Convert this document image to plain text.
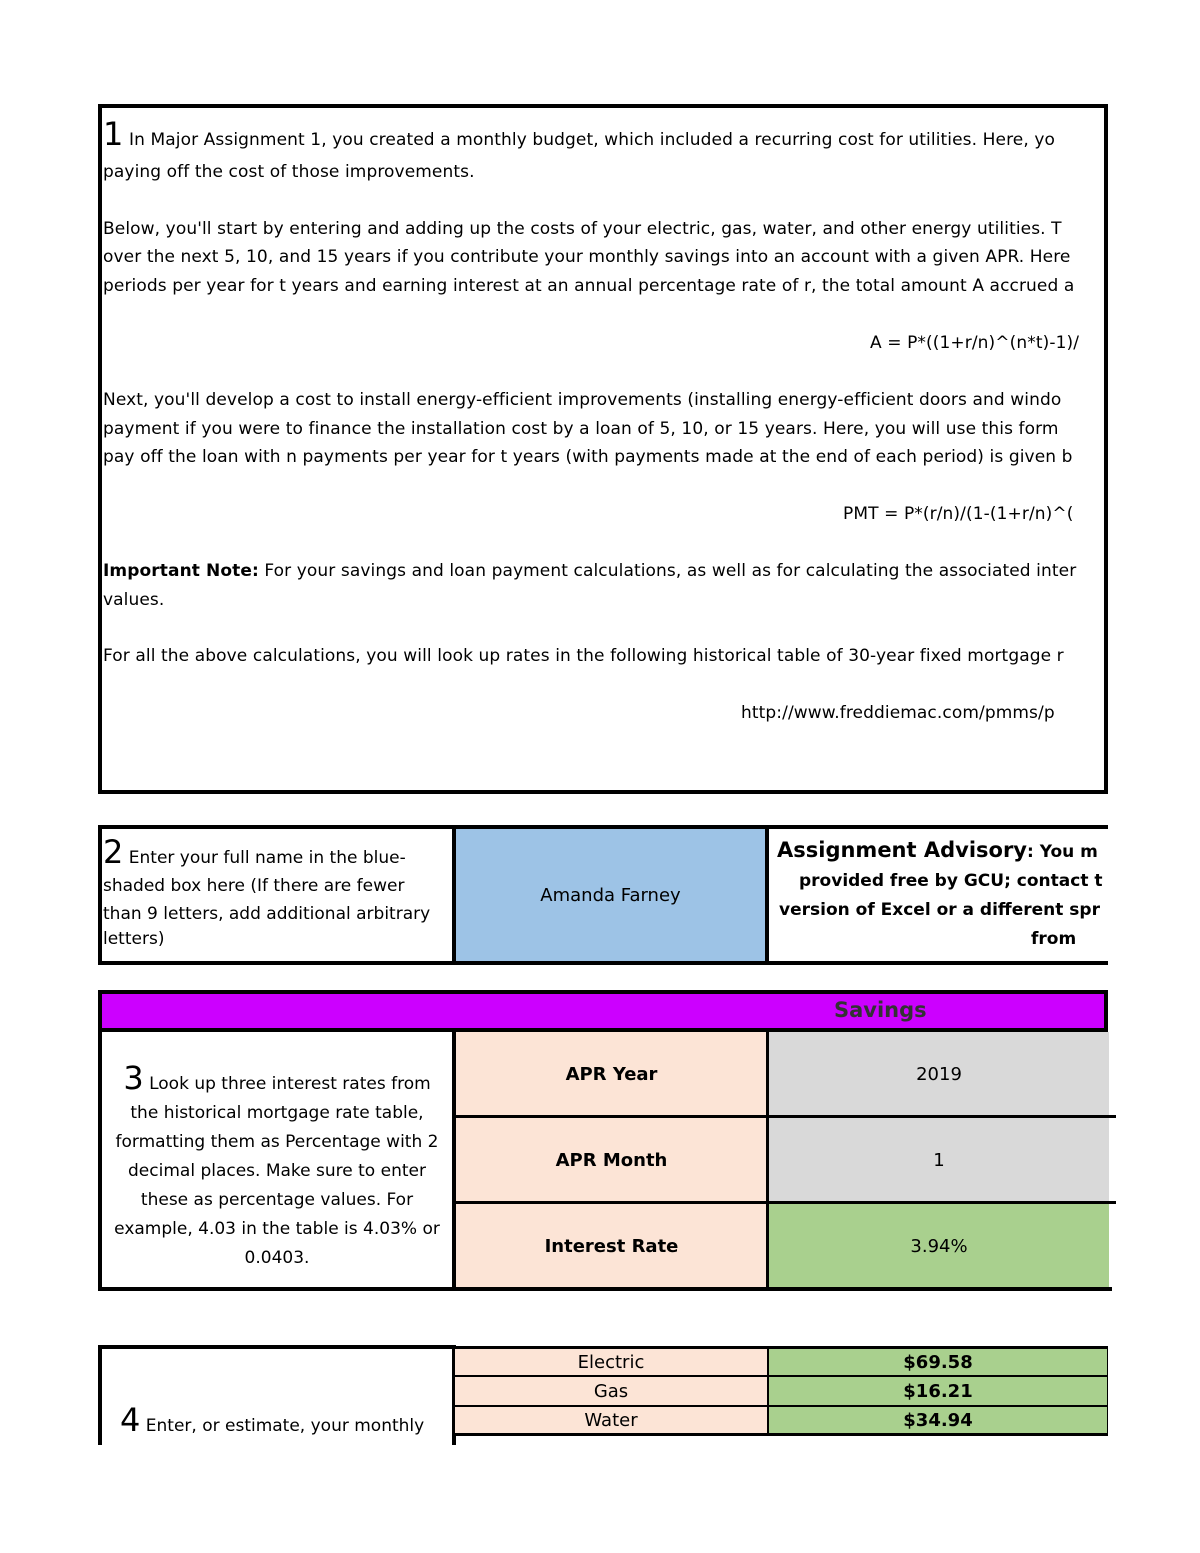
1 In Major Assignment 1, you created a monthly budget, which included a recurring cost for utilities. Here, yo
paying off the cost of those improvements.
Below, you'll start by entering and adding up the costs of your electric, gas, water, and other energy utilities. T
over the next 5, 10, and 15 years if you contribute your monthly savings into an account with a given APR. Here
periods per year for t years and earning interest at an annual percentage rate of r, the total amount A accrued a
A = P*((1+r/n)^(n*t)-1)/
Next, you'll develop a cost to install energy-efficient improvements (installing energy-efficient doors and windo
payment if you were to finance the installation cost by a loan of 5, 10, or 15 years. Here, you will use this form
pay off the loan with n payments per year for t years (with payments made at the end of each period) is given b
PMT = P*(r/n)/(1-(1+r/n)^(
Important Note: For your savings and loan payment calculations, as well as for calculating the associated inter
values.
For all the above calculations, you will look up rates in the following historical table of 30-year fixed mortgage r
http://www.freddiemac.com/pmms/p
2 Enter your full name in the blue-
shaded box here (If there are fewer
than 9 letters, add additional arbitrary
letters)
Amanda Farney
Assignment Advisory: You m
provided free by GCU; contact t
version of Excel or a different spr
from
Savings
3 Look up three interest rates from
the historical mortgage rate table,
formatting them as Percentage with 2
decimal places. Make sure to enter
these as percentage values. For
example, 4.03 in the table is 4.03% or
0.0403.
APR Year	2019
APR Month	1
Interest Rate	3.94%
4 Enter, or estimate, your monthly
Electric	$69.58
Gas	$16.21
Water	$34.94
